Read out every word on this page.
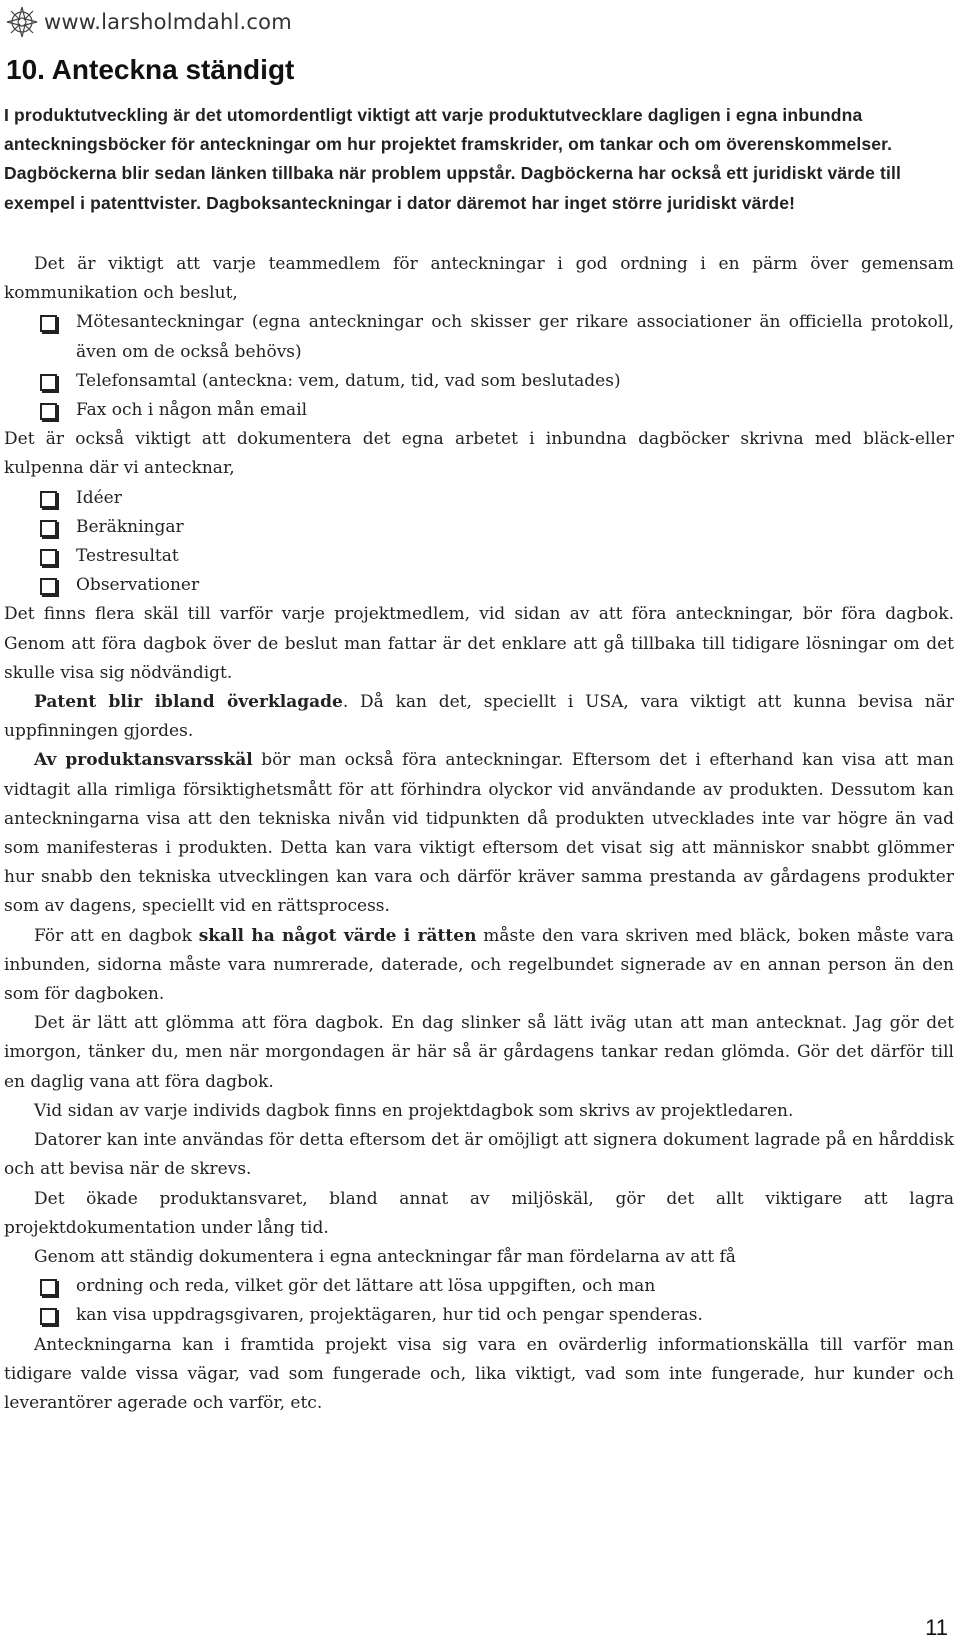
www.larsholmdahl.com
10. Anteckna ständigt

I produktutveckling är det utomordentligt viktigt att varje produktutvecklare dagligen i egna inbundna anteckningsböcker för anteckningar om hur projektet framskrider, om tankar och om överenskommelser. Dagböckerna blir sedan länken tillbaka när problem uppstår. Dagböckerna har också ett juridiskt värde till exempel i patenttvister. Dagboksanteckningar i dator däremot har inget större juridiskt värde!

Det är viktigt att varje teammedlem för anteckningar i god ordning i en pärm över gemensam kommunikation och beslut,

Mötesanteckningar (egna anteckningar och skisser ger rikare associationer än officiella protokoll, även om de också behövs)
Telefonsamtal (anteckna: vem, datum, tid, vad som beslutades)
Fax och i någon mån email

Det är också viktigt att dokumentera det egna arbetet i inbundna dagböcker skrivna med bläck-eller kulpenna där vi antecknar,

Idéer
Beräkningar
Testresultat
Observationer

Det finns flera skäl till varför varje projektmedlem, vid sidan av att föra anteckningar, bör föra dagbok. Genom att föra dagbok över de beslut man fattar är det enklare att gå tillbaka till tidigare lösningar om det skulle visa sig nödvändigt.

Patent blir ibland överklagade. Då kan det, speciellt i USA, vara viktigt att kunna bevisa när uppfinningen gjordes.

Av produktansvarsskäl bör man också föra anteckningar. Eftersom det i efterhand kan visa att man vidtagit alla rimliga försiktighetsmått för att förhindra olyckor vid användande av produkten. Dessutom kan anteckningarna visa att den tekniska nivån vid tidpunkten då produkten utvecklades inte var högre än vad som manifesteras i produkten. Detta kan vara viktigt eftersom det visat sig att människor snabbt glömmer hur snabb den tekniska utvecklingen kan vara och därför kräver samma prestanda av gårdagens produkter som av dagens, speciellt vid en rättsprocess.

För att en dagbok skall ha något värde i rätten måste den vara skriven med bläck, boken måste vara inbunden, sidorna måste vara numrerade, daterade, och regelbundet signerade av en annan person än den som för dagboken.

Det är lätt att glömma att föra dagbok. En dag slinker så lätt iväg utan att man antecknat. Jag gör det imorgon, tänker du, men när morgondagen är här så är gårdagens tankar redan glömda. Gör det därför till en daglig vana att föra dagbok.

Vid sidan av varje individs dagbok finns en projektdagbok som skrivs av projektledaren.

Datorer kan inte användas för detta eftersom det är omöjligt att signera dokument lagrade på en hårddisk och att bevisa när de skrevs.

Det ökade produktansvaret, bland annat av miljöskäl, gör det allt viktigare att lagra projektdokumentation under lång tid.

Genom att ständig dokumentera i egna anteckningar får man fördelarna av att få

ordning och reda, vilket gör det lättare att lösa uppgiften, och man
kan visa uppdragsgivaren, projektägaren, hur tid och pengar spenderas.

Anteckningarna kan i framtida projekt visa sig vara en ovärderlig informationskälla till varför man tidigare valde vissa vägar, vad som fungerade och, lika viktigt, vad som inte fungerade, hur kunder och leverantörer agerade och varför, etc.

11
